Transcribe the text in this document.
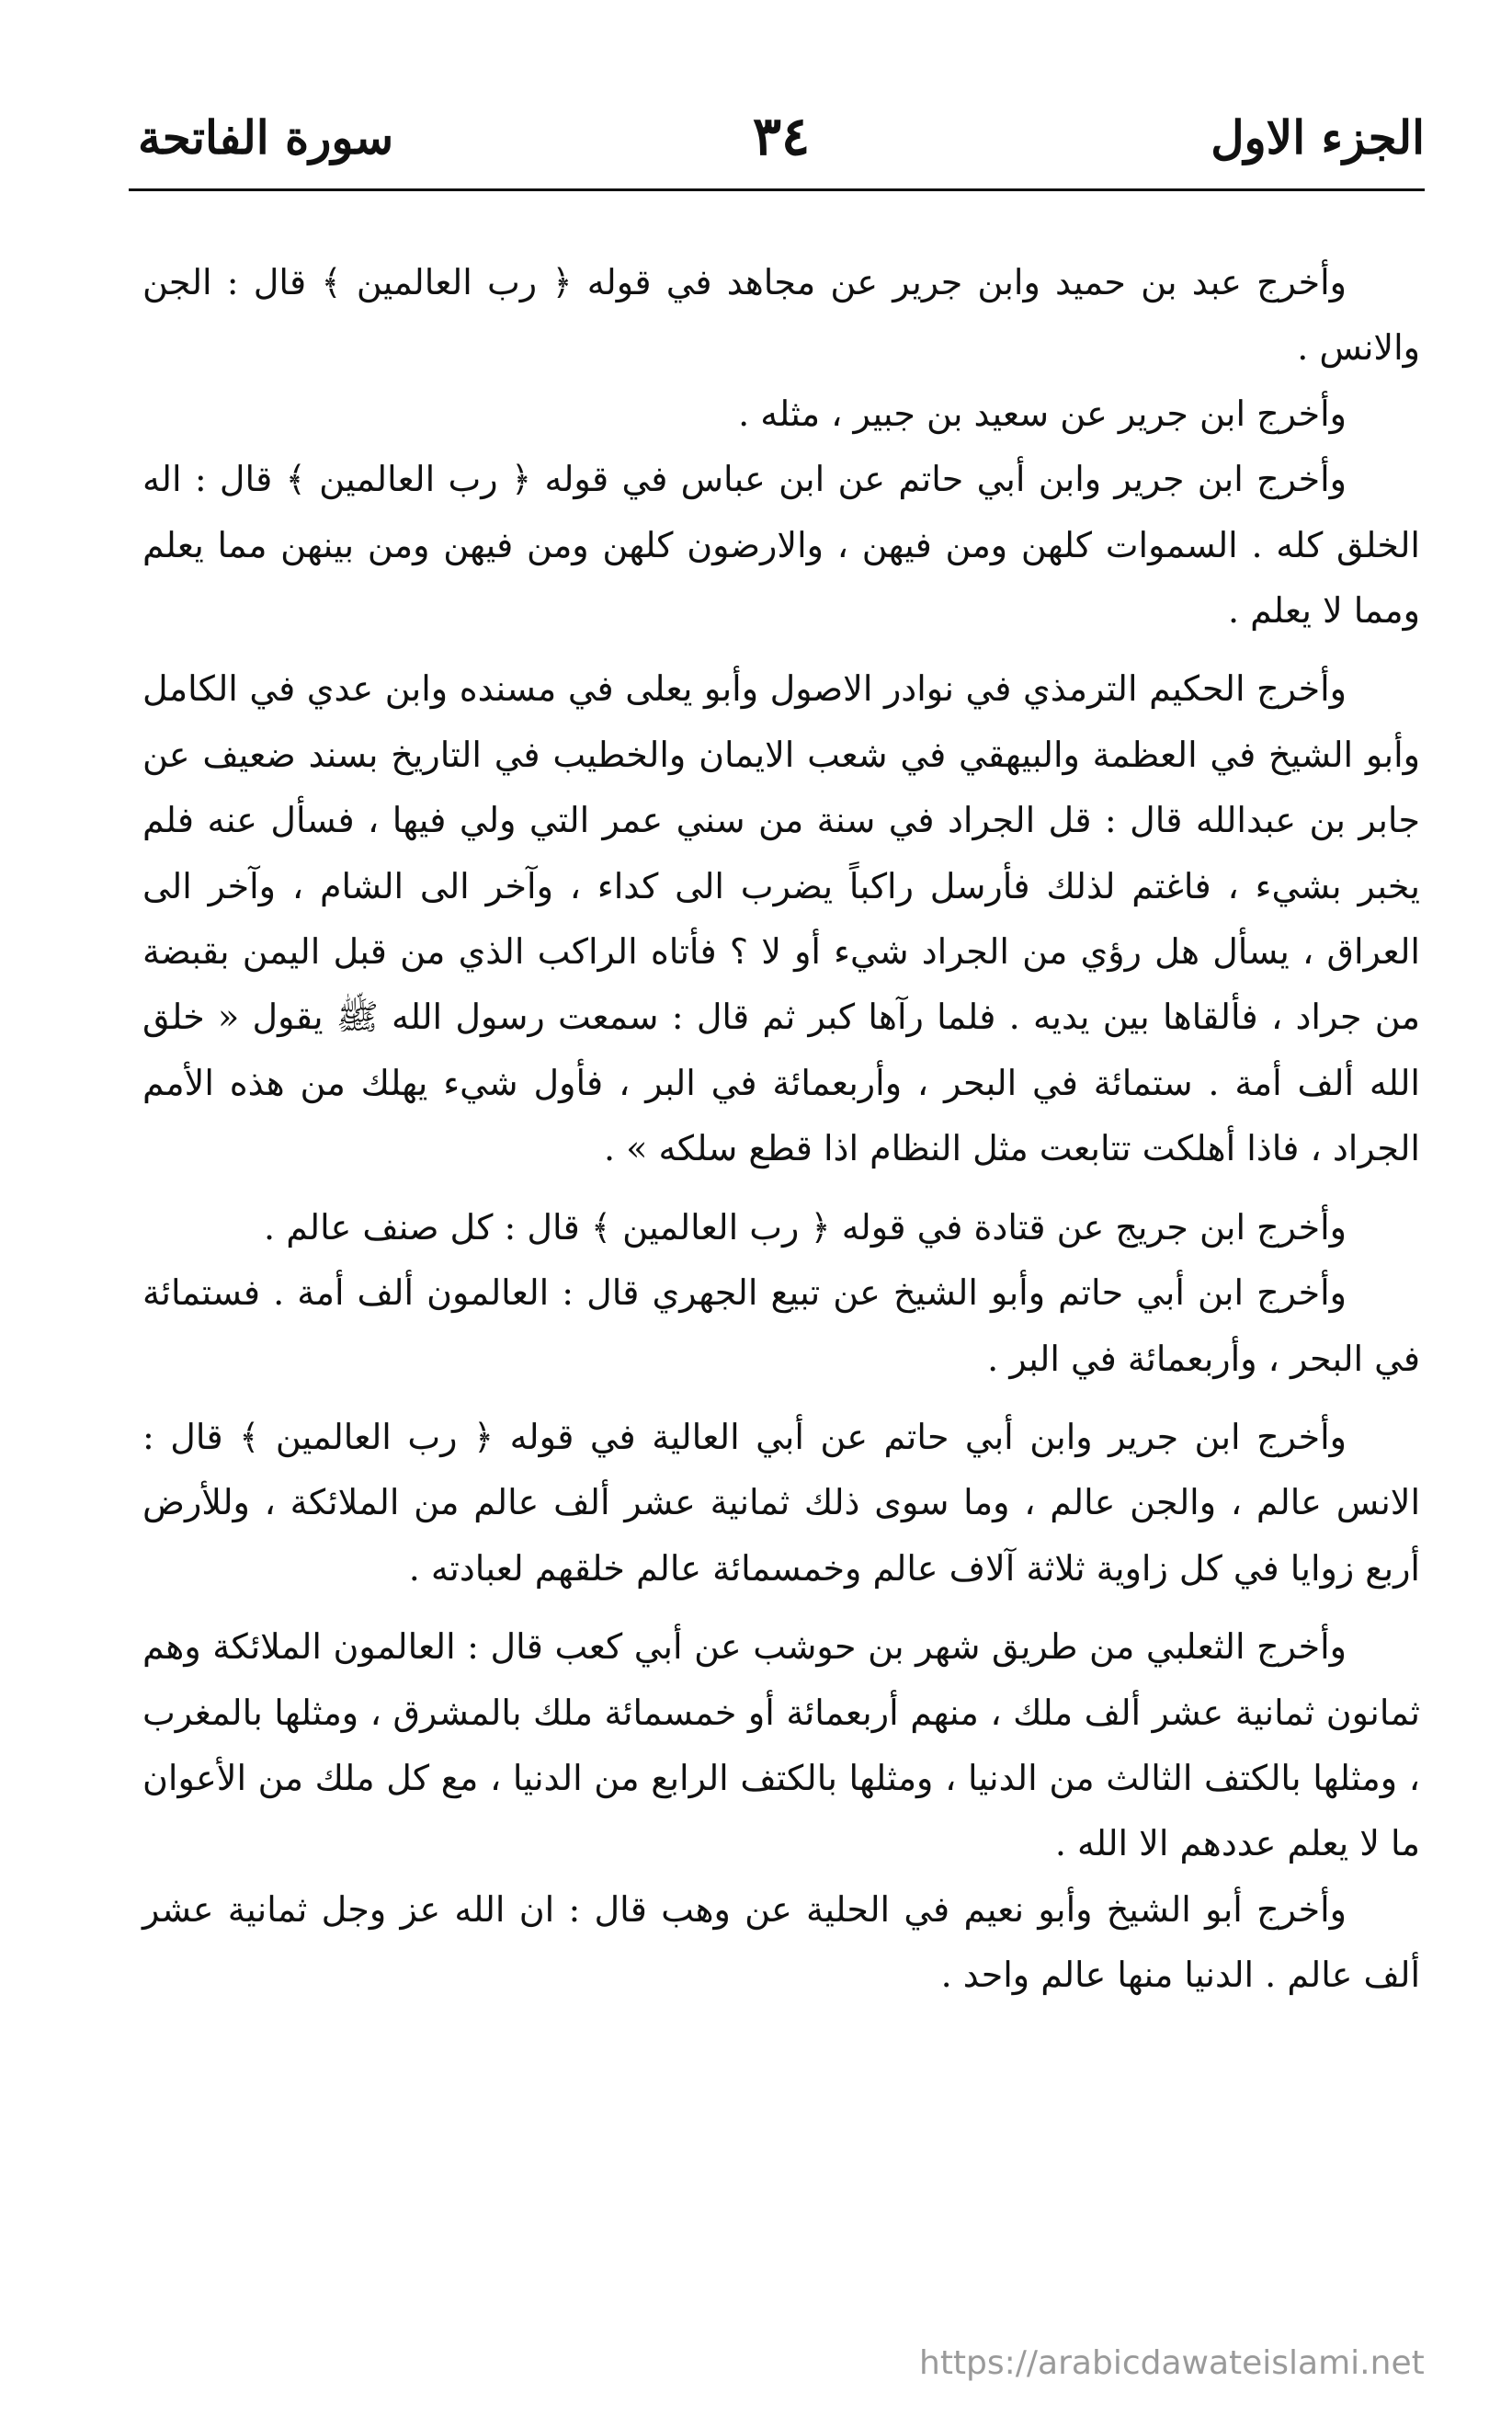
الجزء الاول
٣٤
سورة الفاتحة

وأخرج عبد بن حميد وابن جرير عن مجاهد في قوله ﴿ رب العالمين ﴾ قال : الجن والانس .

وأخرج ابن جرير عن سعيد بن جبير ، مثله .

وأخرج ابن جرير وابن أبي حاتم عن ابن عباس في قوله ﴿ رب العالمين ﴾ قال : اله الخلق كله . السموات كلهن ومن فيهن ، والارضون كلهن ومن فيهن ومن بينهن مما يعلم ومما لا يعلم .

وأخرج الحكيم الترمذي في نوادر الاصول وأبو يعلى في مسنده وابن عدي في الكامل وأبو الشيخ في العظمة والبيهقي في شعب الايمان والخطيب في التاريخ بسند ضعيف عن جابر بن عبدالله قال : قل الجراد في سنة من سني عمر التي ولي فيها ، فسأل عنه فلم يخبر بشيء ، فاغتم لذلك فأرسل راكباً يضرب الى كداء ، وآخر الى الشام ، وآخر الى العراق ، يسأل هل رؤي من الجراد شيء أو لا ؟ فأتاه الراكب الذي من قبل اليمن بقبضة من جراد ، فألقاها بين يديه . فلما رآها كبر ثم قال : سمعت رسول الله ﷺ يقول « خلق الله ألف أمة . ستمائة في البحر ، وأربعمائة في البر ، فأول شيء يهلك من هذه الأمم الجراد ، فاذا أهلكت تتابعت مثل النظام اذا قطع سلكه » .

وأخرج ابن جريج عن قتادة في قوله ﴿ رب العالمين ﴾ قال : كل صنف عالم .

وأخرج ابن أبي حاتم وأبو الشيخ عن تبيع الجهري قال : العالمون ألف أمة . فستمائة في البحر ، وأربعمائة في البر .

وأخرج ابن جرير وابن أبي حاتم عن أبي العالية في قوله ﴿ رب العالمين ﴾ قال : الانس عالم ، والجن عالم ، وما سوى ذلك ثمانية عشر ألف عالم من الملائكة ، وللأرض أربع زوايا في كل زاوية ثلاثة آلاف عالم وخمسمائة عالم خلقهم لعبادته .

وأخرج الثعلبي من طريق شهر بن حوشب عن أبي كعب قال : العالمون الملائكة وهم ثمانون ثمانية عشر ألف ملك ، منهم أربعمائة أو خمسمائة ملك بالمشرق ، ومثلها بالمغرب ، ومثلها بالكتف الثالث من الدنيا ، ومثلها بالكتف الرابع من الدنيا ، مع كل ملك من الأعوان ما لا يعلم عددهم الا الله .

وأخرج أبو الشيخ وأبو نعيم في الحلية عن وهب قال : ان الله عز وجل ثمانية عشر ألف عالم . الدنيا منها عالم واحد .

https://arabicdawateislami.net
